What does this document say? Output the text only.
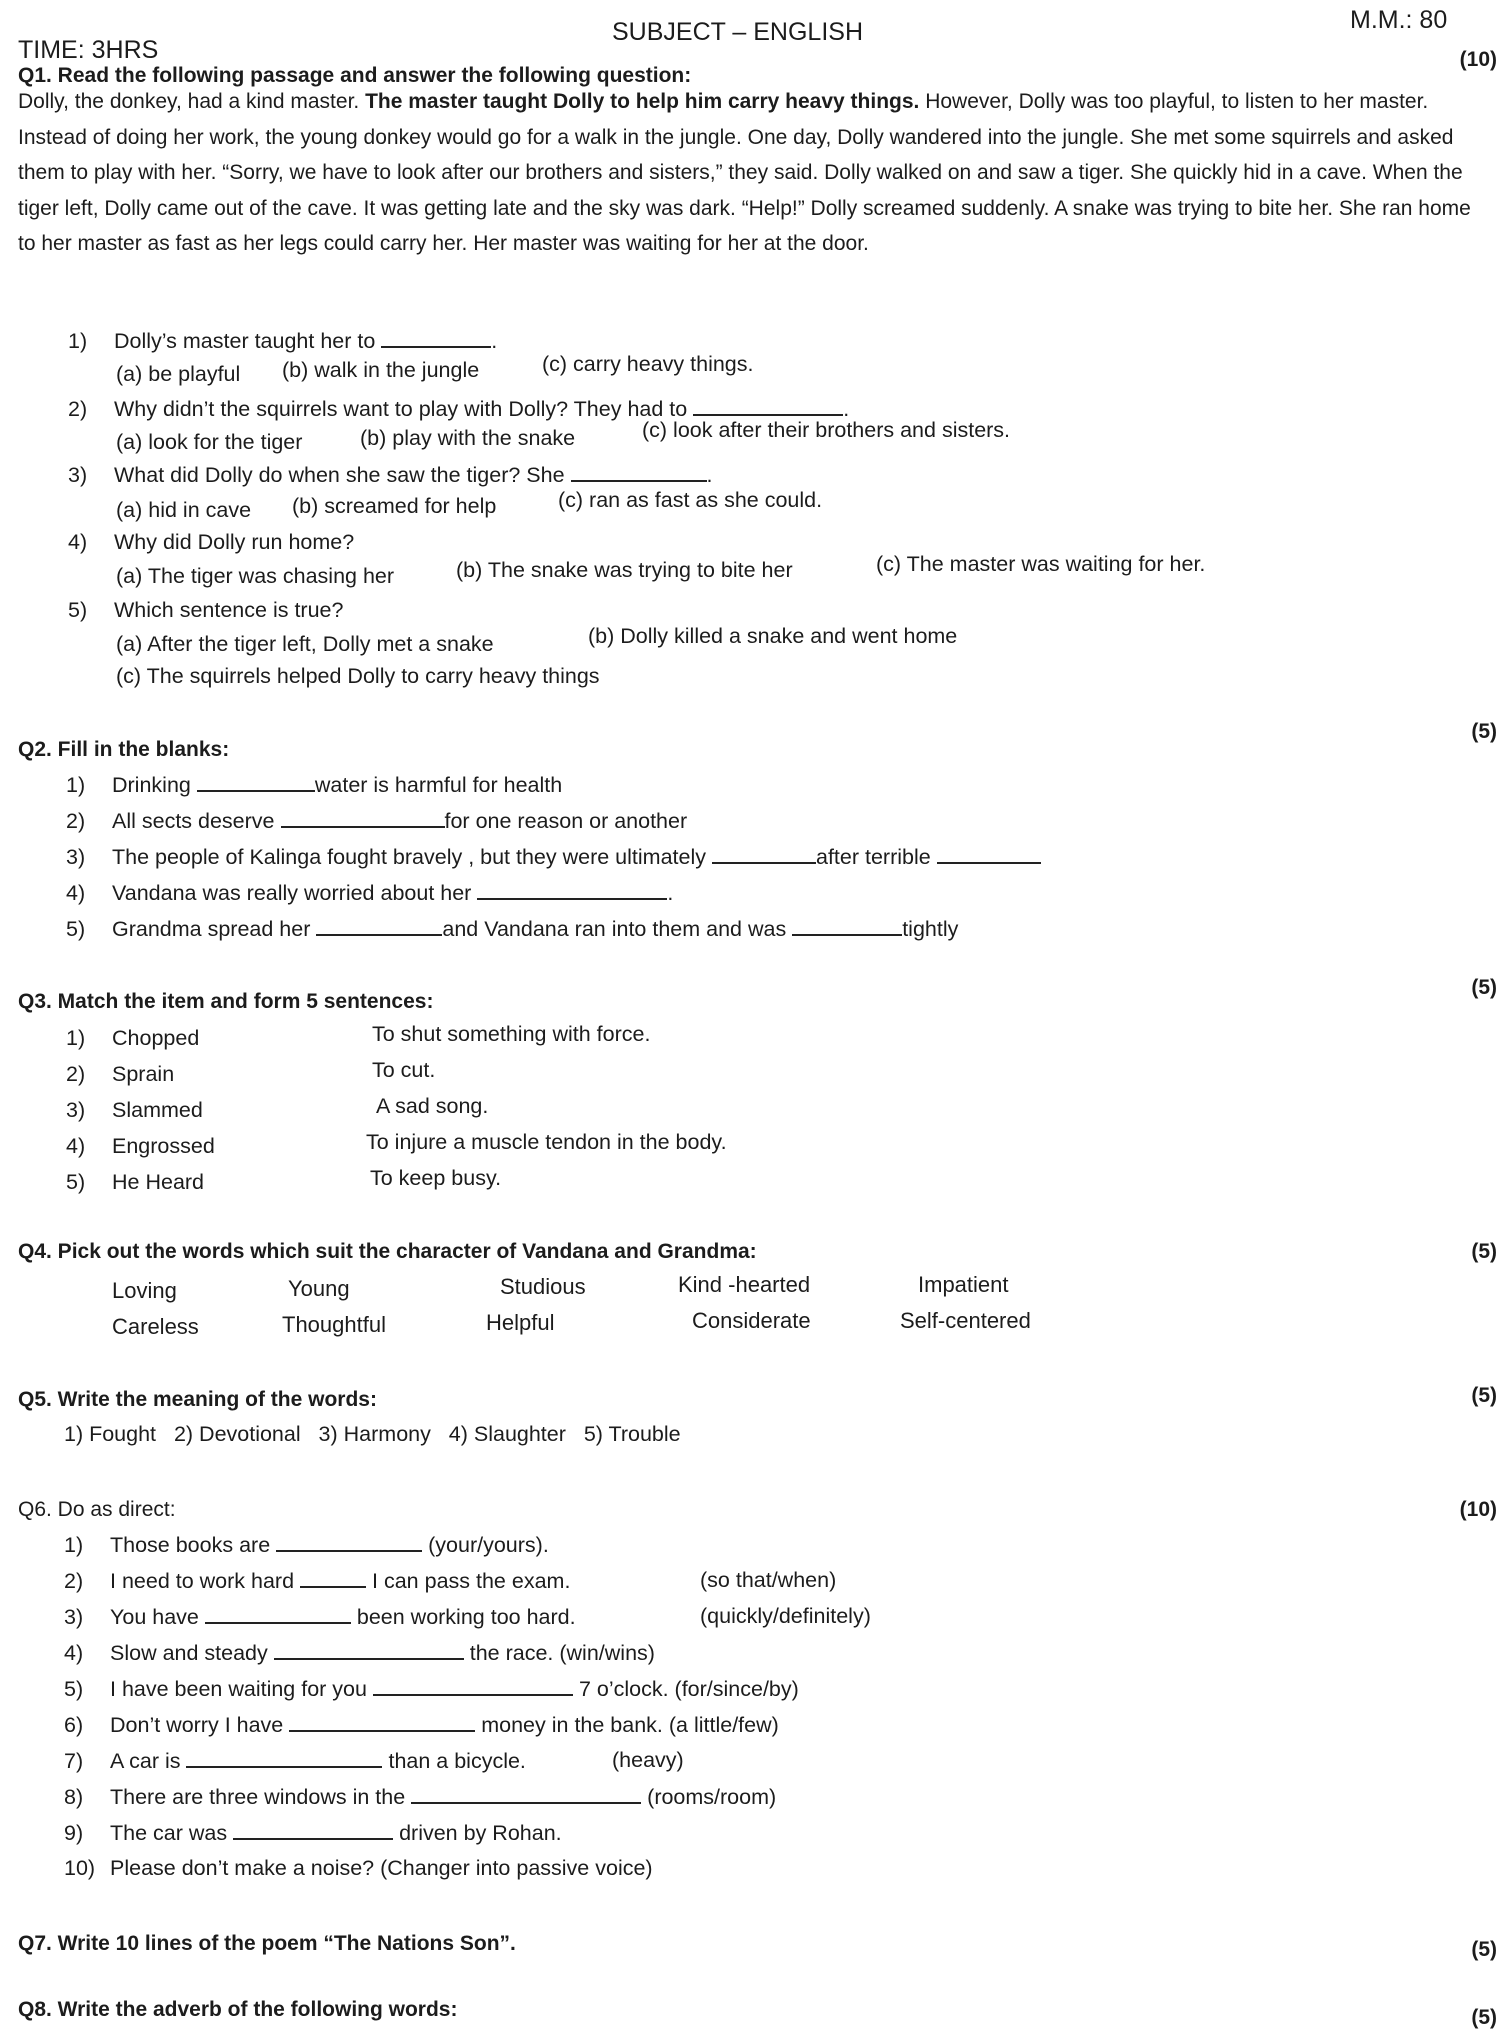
TIME: 3HRS
SUBJECT – ENGLISH	M.M.: 80
Q1. Read the following passage and answer the following question:
(10)
Dolly, the donkey, had a kind master. The master taught Dolly to help him carry heavy things. However, Dolly was too playful, to listen to her master. Instead of doing her work, the young donkey would go for a walk in the jungle. One day, Dolly wandered into the jungle. She met some squirrels and asked them to play with her. “Sorry, we have to look after our brothers and sisters,” they said. Dolly walked on and saw a tiger. She quickly hid in a cave. When the tiger left, Dolly came out of the cave. It was getting late and the sky was dark. “Help!” Dolly screamed suddenly. A snake was trying to bite her. She ran home to her master as fast as her legs could carry her. Her master was waiting for her at the door.
1) Dolly’s master taught her to	.
(a) be playful (b) walk in the jungle	(c) carry heavy things.
2) Why didn’t the squirrels want to play with Dolly? They had to	.
(a) look for the tiger	(b) play with the snake	(c) look after their brothers and sisters.
3) What did Dolly do when she saw the tiger? She	.
(a) hid in cave (b) screamed for help	(c) ran as fast as she could.
4) Why did Dolly run home?
(a) The tiger was chasing her	(b) The snake was trying to bite her	(c) The master was waiting for her.
5) Which sentence is true?
(a) After the tiger left, Dolly met a snake	(b) Dolly killed a snake and went home
(c) The squirrels helped Dolly to carry heavy things
Q2. Fill in the blanks:
(5)
1) Drinking	water is harmful for health
2) All sects deserve	for one reason or another
3) The people of Kalinga fought bravely , but they were ultimately	after terrible
4) Vandana was really worried about her	.
5) Grandma spread her	and Vandana ran into them and was	tightly
Q3. Match the item and form 5 sentences:
(5)
1) Chopped	To shut something with force.
2) Sprain	To cut.
3) Slammed	A sad song.
4) Engrossed	To injure a muscle tendon in the body.
5) He Heard	To keep busy.
Q4. Pick out the words which suit the character of Vandana and Grandma:	(5)
Loving	Young	Studious	Kind -hearted	Impatient
Careless	Thoughtful	Helpful	Considerate	Self-centered
Q5. Write the meaning of the words:	(5)
1) Fought   2) Devotional   3) Harmony   4) Slaughter   5) Trouble
Q6. Do as direct:	(10)
1) Those books are	(your/yours).
2) I need to work hard	I can pass the exam.	(so that/when)
3) You have	been working too hard.	(quickly/definitely)
4) Slow and steady	the race. (win/wins)
5) I have been waiting for you	7 o’clock. (for/since/by)
6) Don’t worry I have	money in the bank. (a little/few)
7) A car is	than a bicycle.	(heavy)
8) There are three windows in the	(rooms/room)
9) The car was	driven by Rohan.
10) Please don’t make a noise? (Changer into passive voice)
Q7. Write 10 lines of the poem “The Nations Son”.	(5)
Q8. Write the adverb of the following words:	(5)
